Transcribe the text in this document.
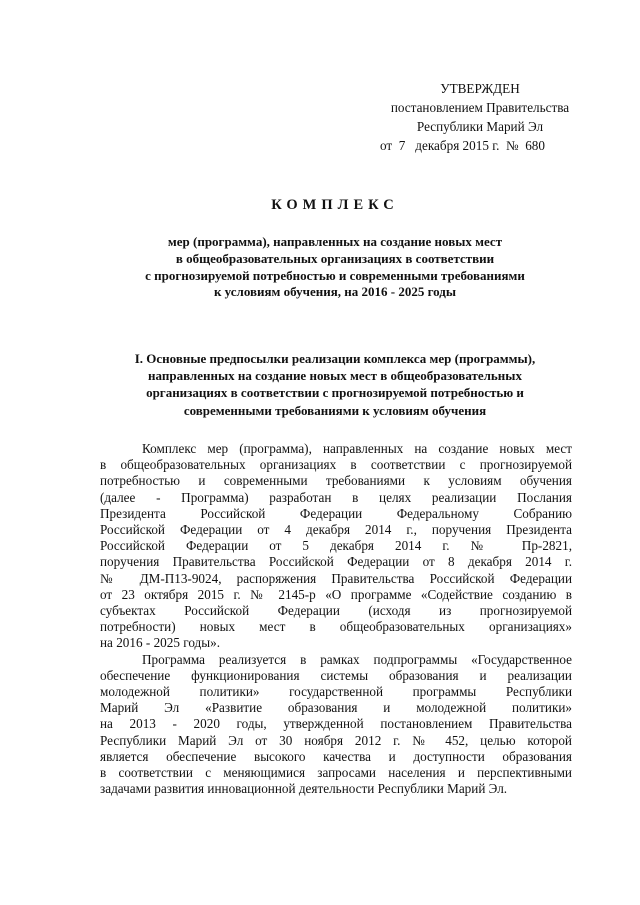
УТВЕРЖДЕН
постановлением Правительства
Республики Марий Эл
от  7   декабря 2015 г.  №  680
КОМПЛЕКС
мер (программа), направленных на создание новых мест
в общеобразовательных организациях в соответствии
с прогнозируемой потребностью и современными требованиями
к условиям обучения, на 2016 - 2025 годы
I. Основные предпосылки реализации комплекса мер (программы),
направленных на создание новых мест в общеобразовательных
организациях в соответствии с прогнозируемой потребностью и
современными требованиями к условиям обучения

Комплекс мер (программа), направленных на создание новых мест
в общеобразовательных организациях в соответствии с прогнозируемой
потребностью и современными требованиями к условиям обучения
(далее - Программа) разработан в целях реализации Послания
Президента Российской Федерации Федеральному Собранию
Российской Федерации от 4 декабря 2014 г., поручения Президента
Российской Федерации от 5 декабря 2014 г. № Пр-2821,
поручения Правительства Российской Федерации от 8 декабря 2014 г.
№ ДМ-П13-9024, распоряжения Правительства Российской Федерации
от 23 октября 2015 г. № 2145-р «О программе «Содействие созданию в
субъектах Российской Федерации (исходя из прогнозируемой
потребности) новых мест в общеобразовательных организациях»
на 2016 - 2025 годы».

Программа реализуется в рамках подпрограммы «Государственное
обеспечение функционирования системы образования и реализации
молодежной политики» государственной программы Республики
Марий Эл «Развитие образования и молодежной политики»
на 2013 - 2020 годы, утвержденной постановлением Правительства
Республики Марий Эл от 30 ноября 2012 г. № 452, целью которой
является обеспечение высокого качества и доступности образования
в соответствии с меняющимися запросами населения и перспективными
задачами развития инновационной деятельности Республики Марий Эл.
